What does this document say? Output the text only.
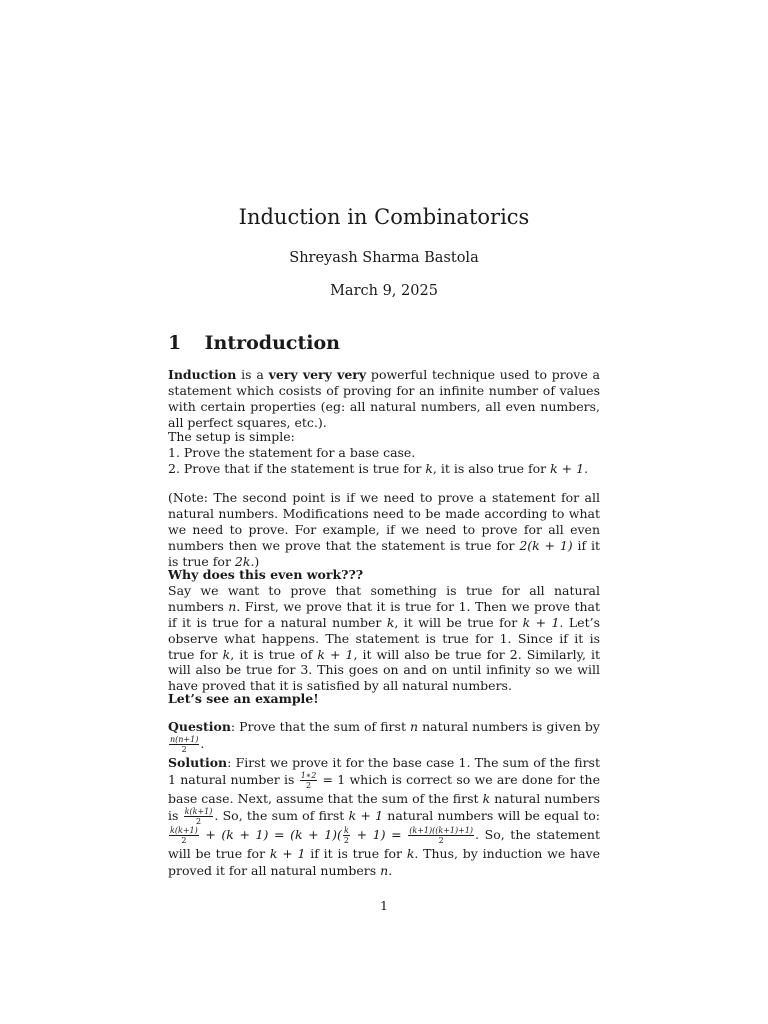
Induction in Combinatorics
Shreyash Sharma Bastola
March 9, 2025
1 Introduction

Induction is a very very very powerful technique used to prove a statement which cosists of proving for an infinite number of values with certain properties (eg: all natural numbers, all even numbers, all perfect squares, etc.).

The setup is simple:

1. Prove the statement for a base case.

2. Prove that if the statement is true for k, it is also true for k + 1.

(Note: The second point is if we need to prove a statement for all natural numbers. Modifications need to be made according to what we need to prove. For example, if we need to prove for all even numbers then we prove that the statement is true for 2(k + 1) if it is true for 2k.)

Why does this even work???

Say we want to prove that something is true for all natural numbers n. First, we prove that it is true for 1. Then we prove that if it is true for a natural number k, it will be true for k + 1. Let’s observe what happens. The statement is true for 1. Since if it is true for k, it is true of k + 1, it will also be true for 2. Similarly, it will also be true for 3. This goes on and on until infinity so we will have proved that it is satisfied by all natural numbers.

Let’s see an example!

Question: Prove that the sum of first n natural numbers is given by
$\frac{n(n+1)}{2}$ .

Solution: First we prove it for the base case 1. The sum of the first 1 natural number is $\frac{1∗2}{2} = 1$ which is correct so we are done for the base case. Next, assume that the sum of the first k natural numbers is $\frac{k(k+1)}{2}$ . So, the sum of first k + 1 natural numbers will be equal to:
$\frac{k(k+1)}{2} + (k + 1) = (k + 1)( \frac{k}{2} + 1) = \frac{(k+1)((k+1)+1)}{2}$ . So, the statement will be true for k + 1 if it is true for k. Thus, by induction we have proved it for all natural numbers n.

1
